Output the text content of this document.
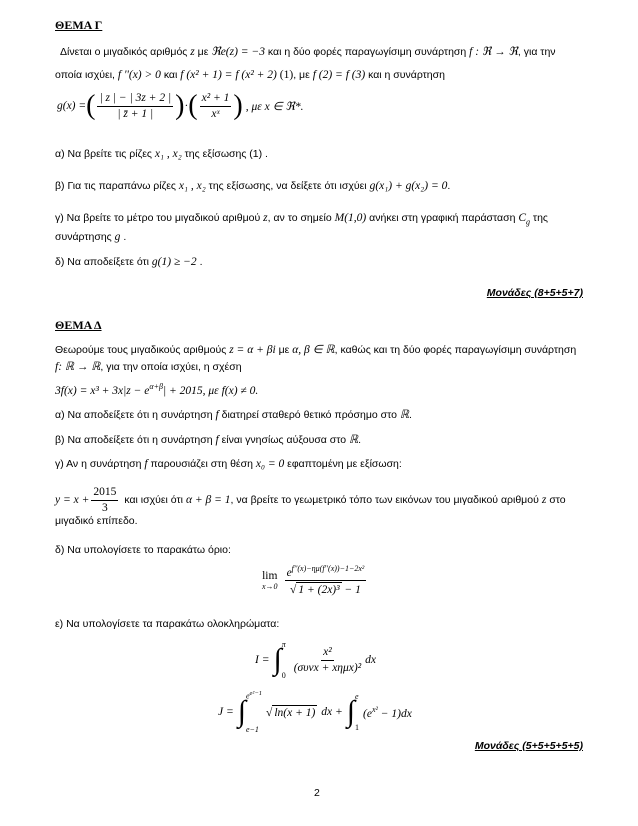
ΘΕΜΑ Γ
Δίνεται ο μιγαδικός αριθμός z με ℜe(z) = −3 και η δύο φορές παραγωγίσιμη συνάρτηση f : ℜ → ℜ, για την
οποία ισχύει, f ''(x) > 0 και f (x² + 1) = f (x² + 2) (1), με f (2) = f (3) και η συνάρτηση
g(x) = ( $\frac{| z | - | 3z + 2 |}{| z̄ + 1 |}$ ) · ( $\frac{\text{x² + 1}}{\text{xˣ}}$ ) , με x ∈ ℜ*.
α) Να βρείτε τις ρίζες x₁ , x₂ της εξίσωσης (1) .
β) Για τις παραπάνω ρίζες x₁ , x₂ της εξίσωσης, να δείξετε ότι ισχύει g(x₁) + g(x₂) = 0.
γ) Να βρείτε το μέτρο του μιγαδικού αριθμού z, αν το σημείο M(1,0) ανήκει στη γραφική παράσταση $C_g$ της
συνάρτησης g .
δ) Να αποδείξετε ότι g(1) ≥ −2 .
Μονάδες (8+5+5+7)
ΘΕΜΑ Δ
Θεωρούμε τους μιγαδικούς αριθμούς z = α + βi με α, β ∈ ℝ, καθώς και τη δύο φορές παραγωγίσιμη συνάρτηση
f: ℝ → ℝ, για την οποία ισχύει, η σχέση
$3f(x) = x^3 + 3x|z - e^{\alpha+\beta}| + 2015$, με f(x) ≠ 0.
α) Να αποδείξετε ότι η συνάρτηση f διατηρεί σταθερό θετικό πρόσημο στο ℝ.
β) Να αποδείξετε ότι η συνάρτηση f είναι γνησίως αύξουσα στο ℝ.
γ) Αν η συνάρτηση f παρουσιάζει στη θέση x₀ = 0 εφαπτομένη με εξίσωση:
$y = x + \frac{2015}{3}$ και ισχύει ότι α + β = 1 , να βρείτε το γεωμετρικό τόπο των εικόνων του μιγαδικού αριθμού z στο
μιγαδικό επίπεδο.
δ) Να υπολογίσετε το παρακάτω όριο:
lim
$x\to 0 \frac{e^{f''(x)-\eta\mu(f''(x))-1-2x^2}}{\text{√ 1 + (2x)³ − 1}}$
ε) Να υπολογίσετε τα παρακάτω ολοκληρώματα:
I = ∫ π
0
$\frac{\text{x²}}{\text{(συνx + xημx)²}}$ dx
J = ∫ $e^{e^2-1}$
e−1
√ ln(x + 1) dx + ∫ e
1
$(e^{x^2} - 1)dx$
Μονάδες (5+5+5+5+5)
2
